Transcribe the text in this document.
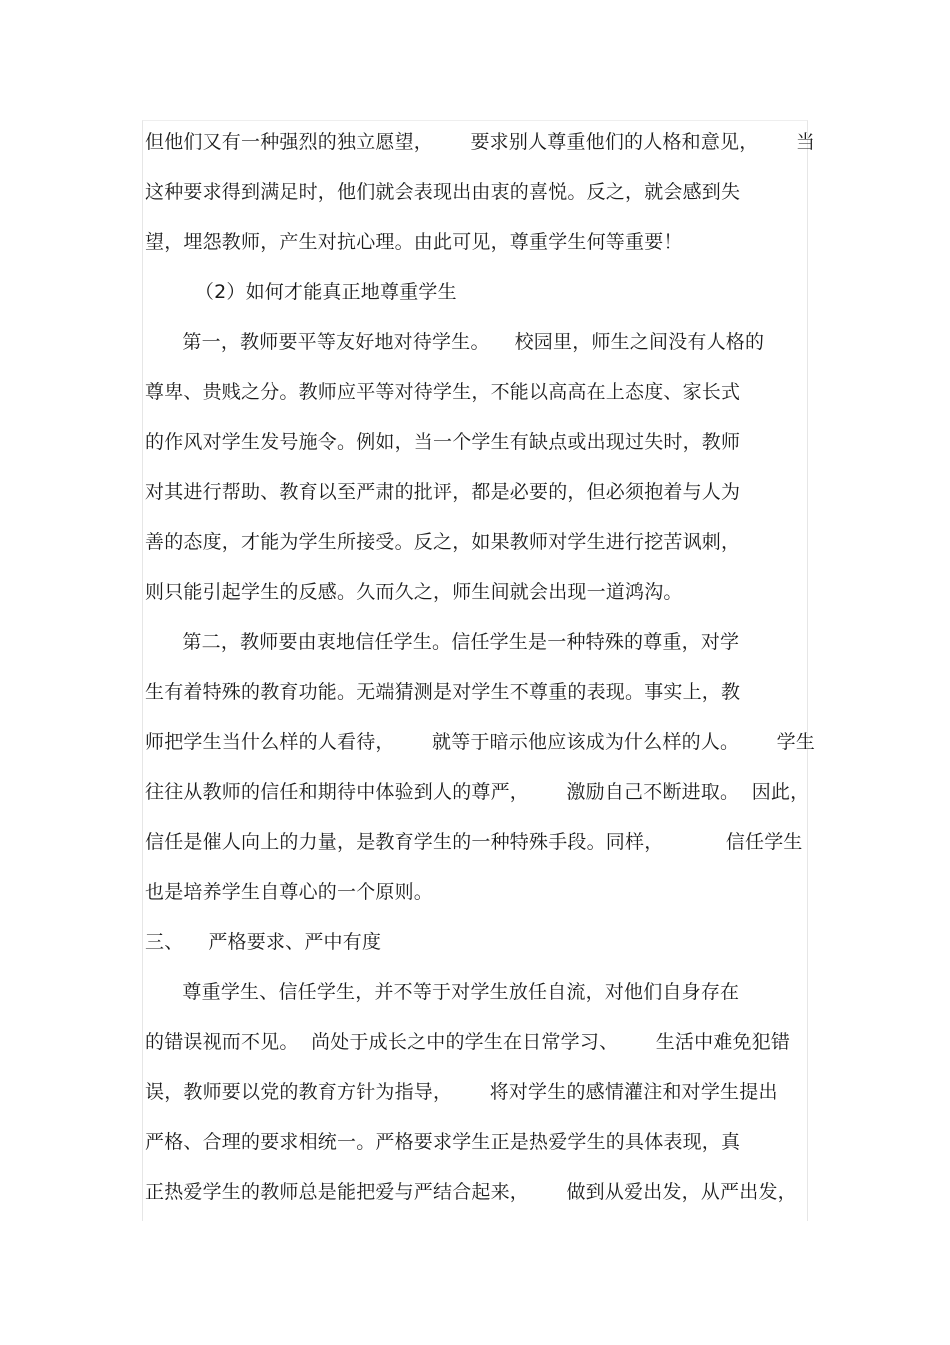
但他们又有一种强烈的独立愿望，      要求别人尊重他们的人格和意见，      当
这种要求得到满足时，他们就会表现出由衷的喜悦。反之，就会感到失
望，埋怨教师，产生对抗心理。由此可见，尊重学生何等重要！
（2）如何才能真正地尊重学生
第一，教师要平等友好地对待学生。    校园里，师生之间没有人格的
尊卑、贵贱之分。教师应平等对待学生，不能以高高在上态度、家长式
的作风对学生发号施令。例如，当一个学生有缺点或出现过失时，教师
对其进行帮助、教育以至严肃的批评，都是必要的，但必须抱着与人为
善的态度，才能为学生所接受。反之，如果教师对学生进行挖苦讽刺，
则只能引起学生的反感。久而久之，师生间就会出现一道鸿沟。
第二，教师要由衷地信任学生。信任学生是一种特殊的尊重，对学
生有着特殊的教育功能。无端猜测是对学生不尊重的表现。事实上，教
师把学生当什么样的人看待，      就等于暗示他应该成为什么样的人。      学生
往往从教师的信任和期待中体验到人的尊严，      激励自己不断进取。  因此，
信任是催人向上的力量，是教育学生的一种特殊手段。同样，          信任学生
也是培养学生自尊心的一个原则。
三、    严格要求、严中有度
尊重学生、信任学生，并不等于对学生放任自流，对他们自身存在
的错误视而不见。  尚处于成长之中的学生在日常学习、      生活中难免犯错
误，教师要以党的教育方针为指导，      将对学生的感情灌注和对学生提出
严格、合理的要求相统一。严格要求学生正是热爱学生的具体表现，真
正热爱学生的教师总是能把爱与严结合起来，      做到从爱出发，从严出发，
